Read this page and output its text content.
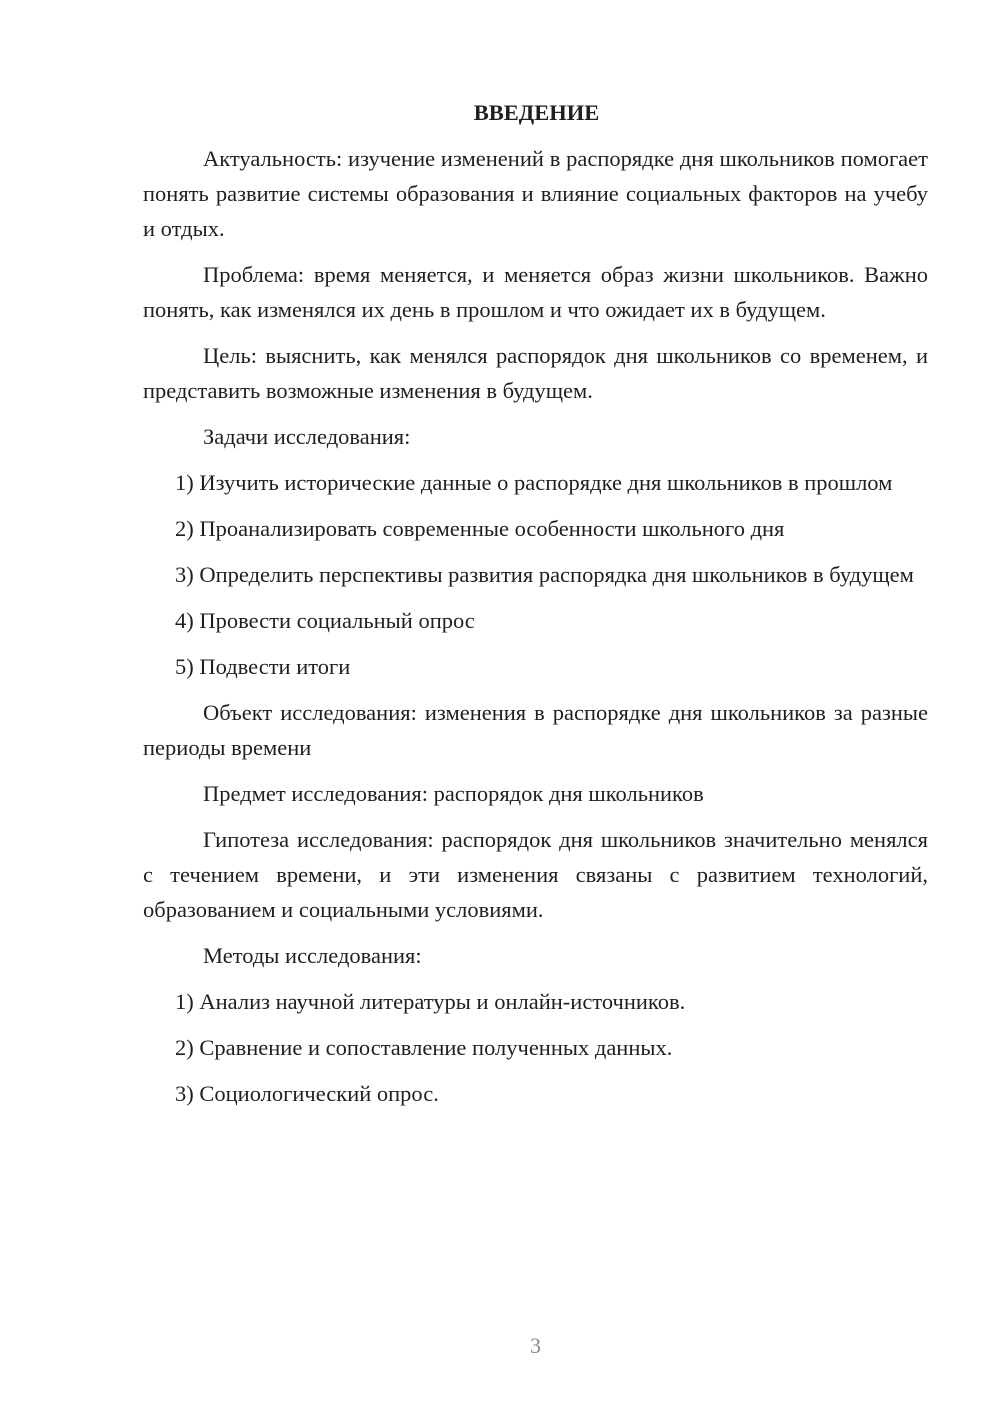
ВВЕДЕНИЕ

Актуальность: изучение изменений в распорядке дня школьников помогает понять развитие системы образования и влияние социальных факторов на учебу и отдых.

Проблема: время меняется, и меняется образ жизни школьников. Важно понять, как изменялся их день в прошлом и что ожидает их в будущем.

Цель: выяснить, как менялся распорядок дня школьников со временем, и представить возможные изменения в будущем.

Задачи исследования:

1) Изучить исторические данные о распорядке дня школьников в прошлом

2) Проанализировать современные особенности школьного дня

3) Определить перспективы развития распорядка дня школьников в будущем

4) Провести социальный опрос

5) Подвести итоги

Объект исследования: изменения в распорядке дня школьников за разные периоды времени

Предмет исследования: распорядок дня школьников

Гипотеза исследования: распорядок дня школьников значительно менялся с течением времени, и эти изменения связаны с развитием технологий, образованием и социальными условиями.

Методы исследования:

1) Анализ научной литературы и онлайн-источников.

2) Сравнение и сопоставление полученных данных.

3) Социологический опрос.

3
